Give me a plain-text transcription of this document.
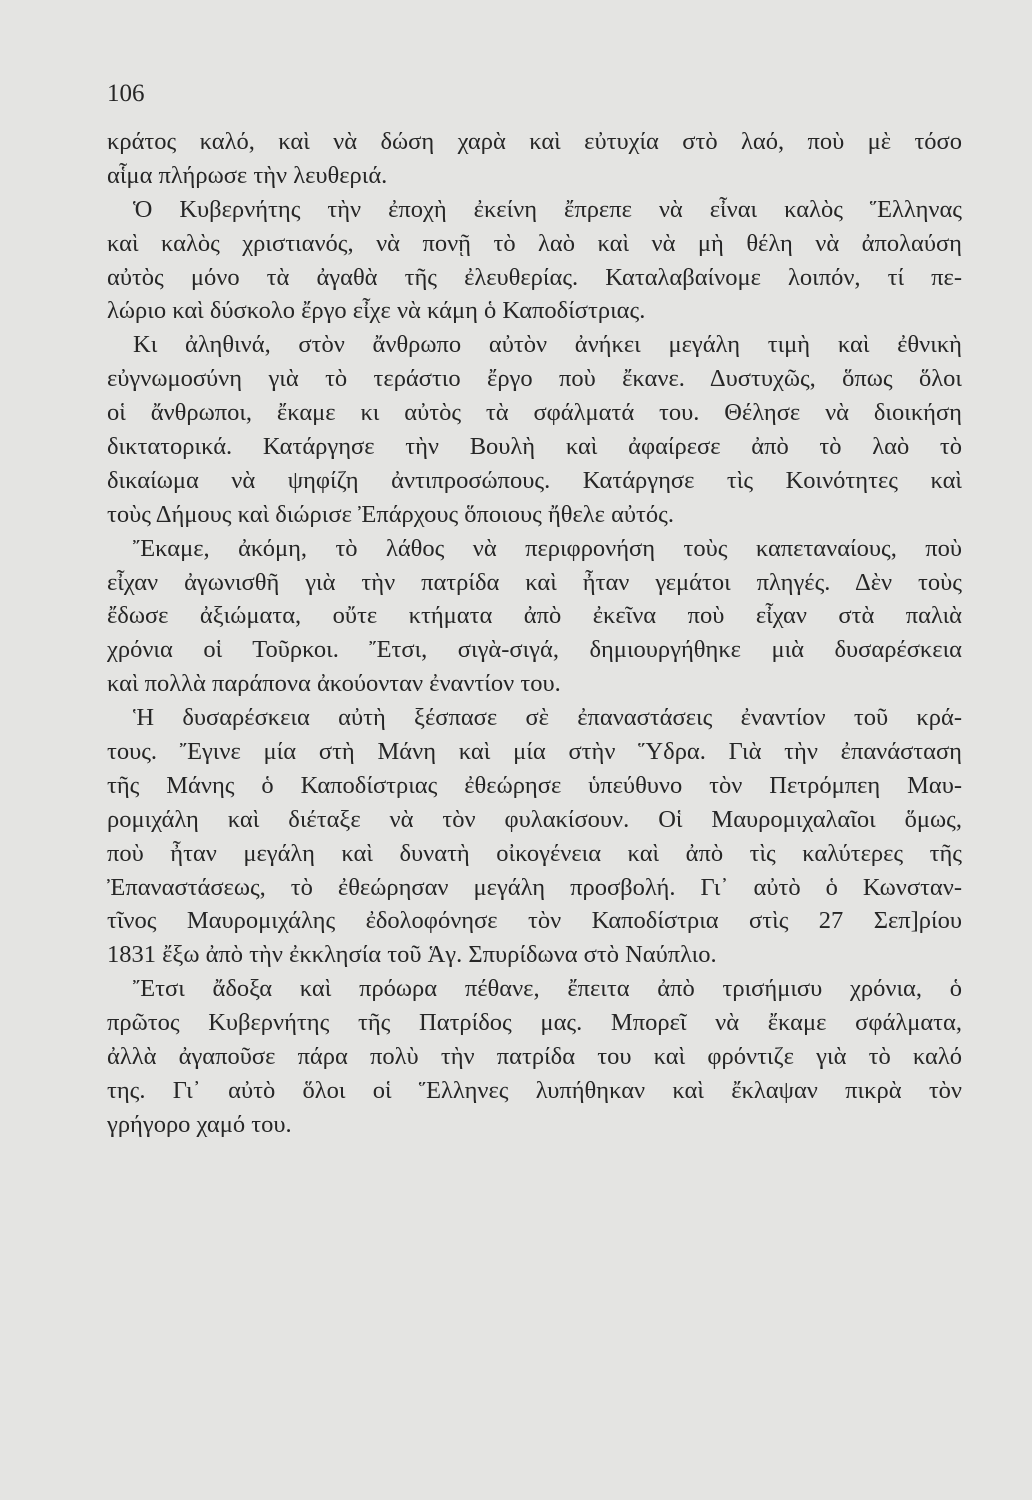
106
κράτος καλό, καὶ νὰ δώση χαρὰ καὶ εὐτυχία στὸ λαό, ποὺ μὲ τόσο
αἷμα πλήρωσε τὴν λευθεριά.
Ὁ Κυβερνήτης τὴν ἐποχὴ ἐκείνη ἔπρεπε νὰ εἶναι καλὸς Ἕλληνας
καὶ καλὸς χριστιανός, νὰ πονῇ τὸ λαὸ καὶ νὰ μὴ θέλη νὰ ἀπολαύση
αὐτὸς μόνο τὰ ἀγαθὰ τῆς ἐλευθερίας. Καταλαβαίνομε λοιπόν, τί πε-
λώριο καὶ δύσκολο ἔργο εἶχε νὰ κάμη ὁ Καποδίστριας.
Κι ἀληθινά, στὸν ἄνθρωπο αὐτὸν ἀνήκει μεγάλη τιμὴ καὶ ἐθνικὴ
εὐγνωμοσύνη γιὰ τὸ τεράστιο ἔργο ποὺ ἔκανε. Δυστυχῶς, ὅπως ὅλοι
οἱ ἄνθρωποι, ἔκαμε κι αὐτὸς τὰ σφάλματά του. Θέλησε νὰ διοικήση
δικτατορικά. Κατάργησε τὴν Βουλὴ καὶ ἀφαίρεσε ἀπὸ τὸ λαὸ τὸ
δικαίωμα νὰ ψηφίζη ἀντιπροσώπους. Κατάργησε τὶς Κοινότητες καὶ
τοὺς Δήμους καὶ διώρισε Ἐπάρχους ὅποιους ἤθελε αὐτός.
Ἔκαμε, ἀκόμη, τὸ λάθος νὰ περιφρονήση τοὺς καπεταναίους, ποὺ
εἶχαν ἀγωνισθῆ γιὰ τὴν πατρίδα καὶ ἦταν γεμάτοι πληγές. Δὲν τοὺς
ἔδωσε ἀξιώματα, οὔτε κτήματα ἀπὸ ἐκεῖνα ποὺ εἶχαν στὰ παλιὰ
χρόνια οἱ Τοῦρκοι. Ἔτσι, σιγὰ-σιγά, δημιουργήθηκε μιὰ δυσαρέσκεια
καὶ πολλὰ παράπονα ἀκούονταν ἐναντίον του.
Ἡ δυσαρέσκεια αὐτὴ ξέσπασε σὲ ἐπαναστάσεις ἐναντίον τοῦ κρά-
τους. Ἔγινε μία στὴ Μάνη καὶ μία στὴν Ὕδρα. Γιὰ τὴν ἐπανάσταση
τῆς Μάνης ὁ Καποδίστριας ἐθεώρησε ὑπεύθυνο τὸν Πετρόμπεη Μαυ-
ρομιχάλη καὶ διέταξε νὰ τὸν φυλακίσουν. Οἱ Μαυρομιχαλαῖοι ὅμως,
ποὺ ἦταν μεγάλη καὶ δυνατὴ οἰκογένεια καὶ ἀπὸ τὶς καλύτερες τῆς
Ἐπαναστάσεως, τὸ ἐθεώρησαν μεγάλη προσβολή. Γι᾿ αὐτὸ ὁ Κωνσταν-
τῖνος Μαυρομιχάλης ἐδολοφόνησε τὸν Καποδίστρια στὶς 27 Σεπ]ρίου
1831 ἔξω ἀπὸ τὴν ἐκκλησία τοῦ Ἁγ. Σπυρίδωνα στὸ Ναύπλιο.
Ἔτσι ἄδοξα καὶ πρόωρα πέθανε, ἔπειτα ἀπὸ τρισήμισυ χρόνια, ὁ
πρῶτος Κυβερνήτης τῆς Πατρίδος μας. Μπορεῖ νὰ ἔκαμε σφάλματα,
ἀλλὰ ἀγαποῦσε πάρα πολὺ τὴν πατρίδα του καὶ φρόντιζε γιὰ τὸ καλό
της. Γι᾿ αὐτὸ ὅλοι οἱ Ἕλληνες λυπήθηκαν καὶ ἔκλαψαν πικρὰ τὸν
γρήγορο χαμό του.
